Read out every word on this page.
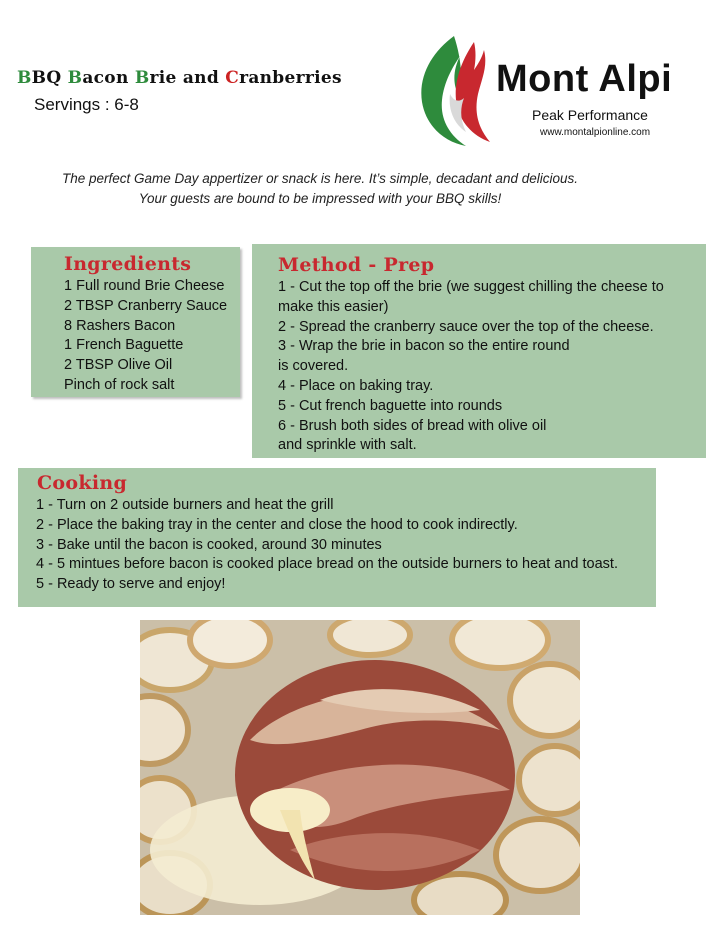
BBQ Bacon Brie and Cranberries
Servings : 6-8
Mont Alpi
Peak Performance
www.montalpionline.com
The perfect Game Day appertizer or snack is here. It’s simple, decadant and delicious.
Your guests are bound to be impressed with your BBQ skills!
Ingredients
1 Full round Brie Cheese
2 TBSP Cranberry Sauce
8 Rashers Bacon
1 French Baguette
2 TBSP Olive Oil
Pinch of rock salt
Method - Prep
1 - Cut the top off the brie (we suggest chilling the cheese to
make this easier)
2 - Spread the cranberry sauce over the top of the cheese.
3 - Wrap the brie in bacon so the entire round
is covered.
4 - Place on baking tray.
5 - Cut french baguette into rounds
6 - Brush both sides of bread with olive oil
and sprinkle with salt.
Cooking
1 - Turn on 2 outside burners and heat the grill
2 - Place the baking tray in the center and close the hood to cook indirectly.
3 - Bake until the bacon is cooked, around 30 minutes
4 - 5 mintues before bacon is cooked place bread on the outside burners to heat and toast.
5 - Ready to serve and enjoy!
